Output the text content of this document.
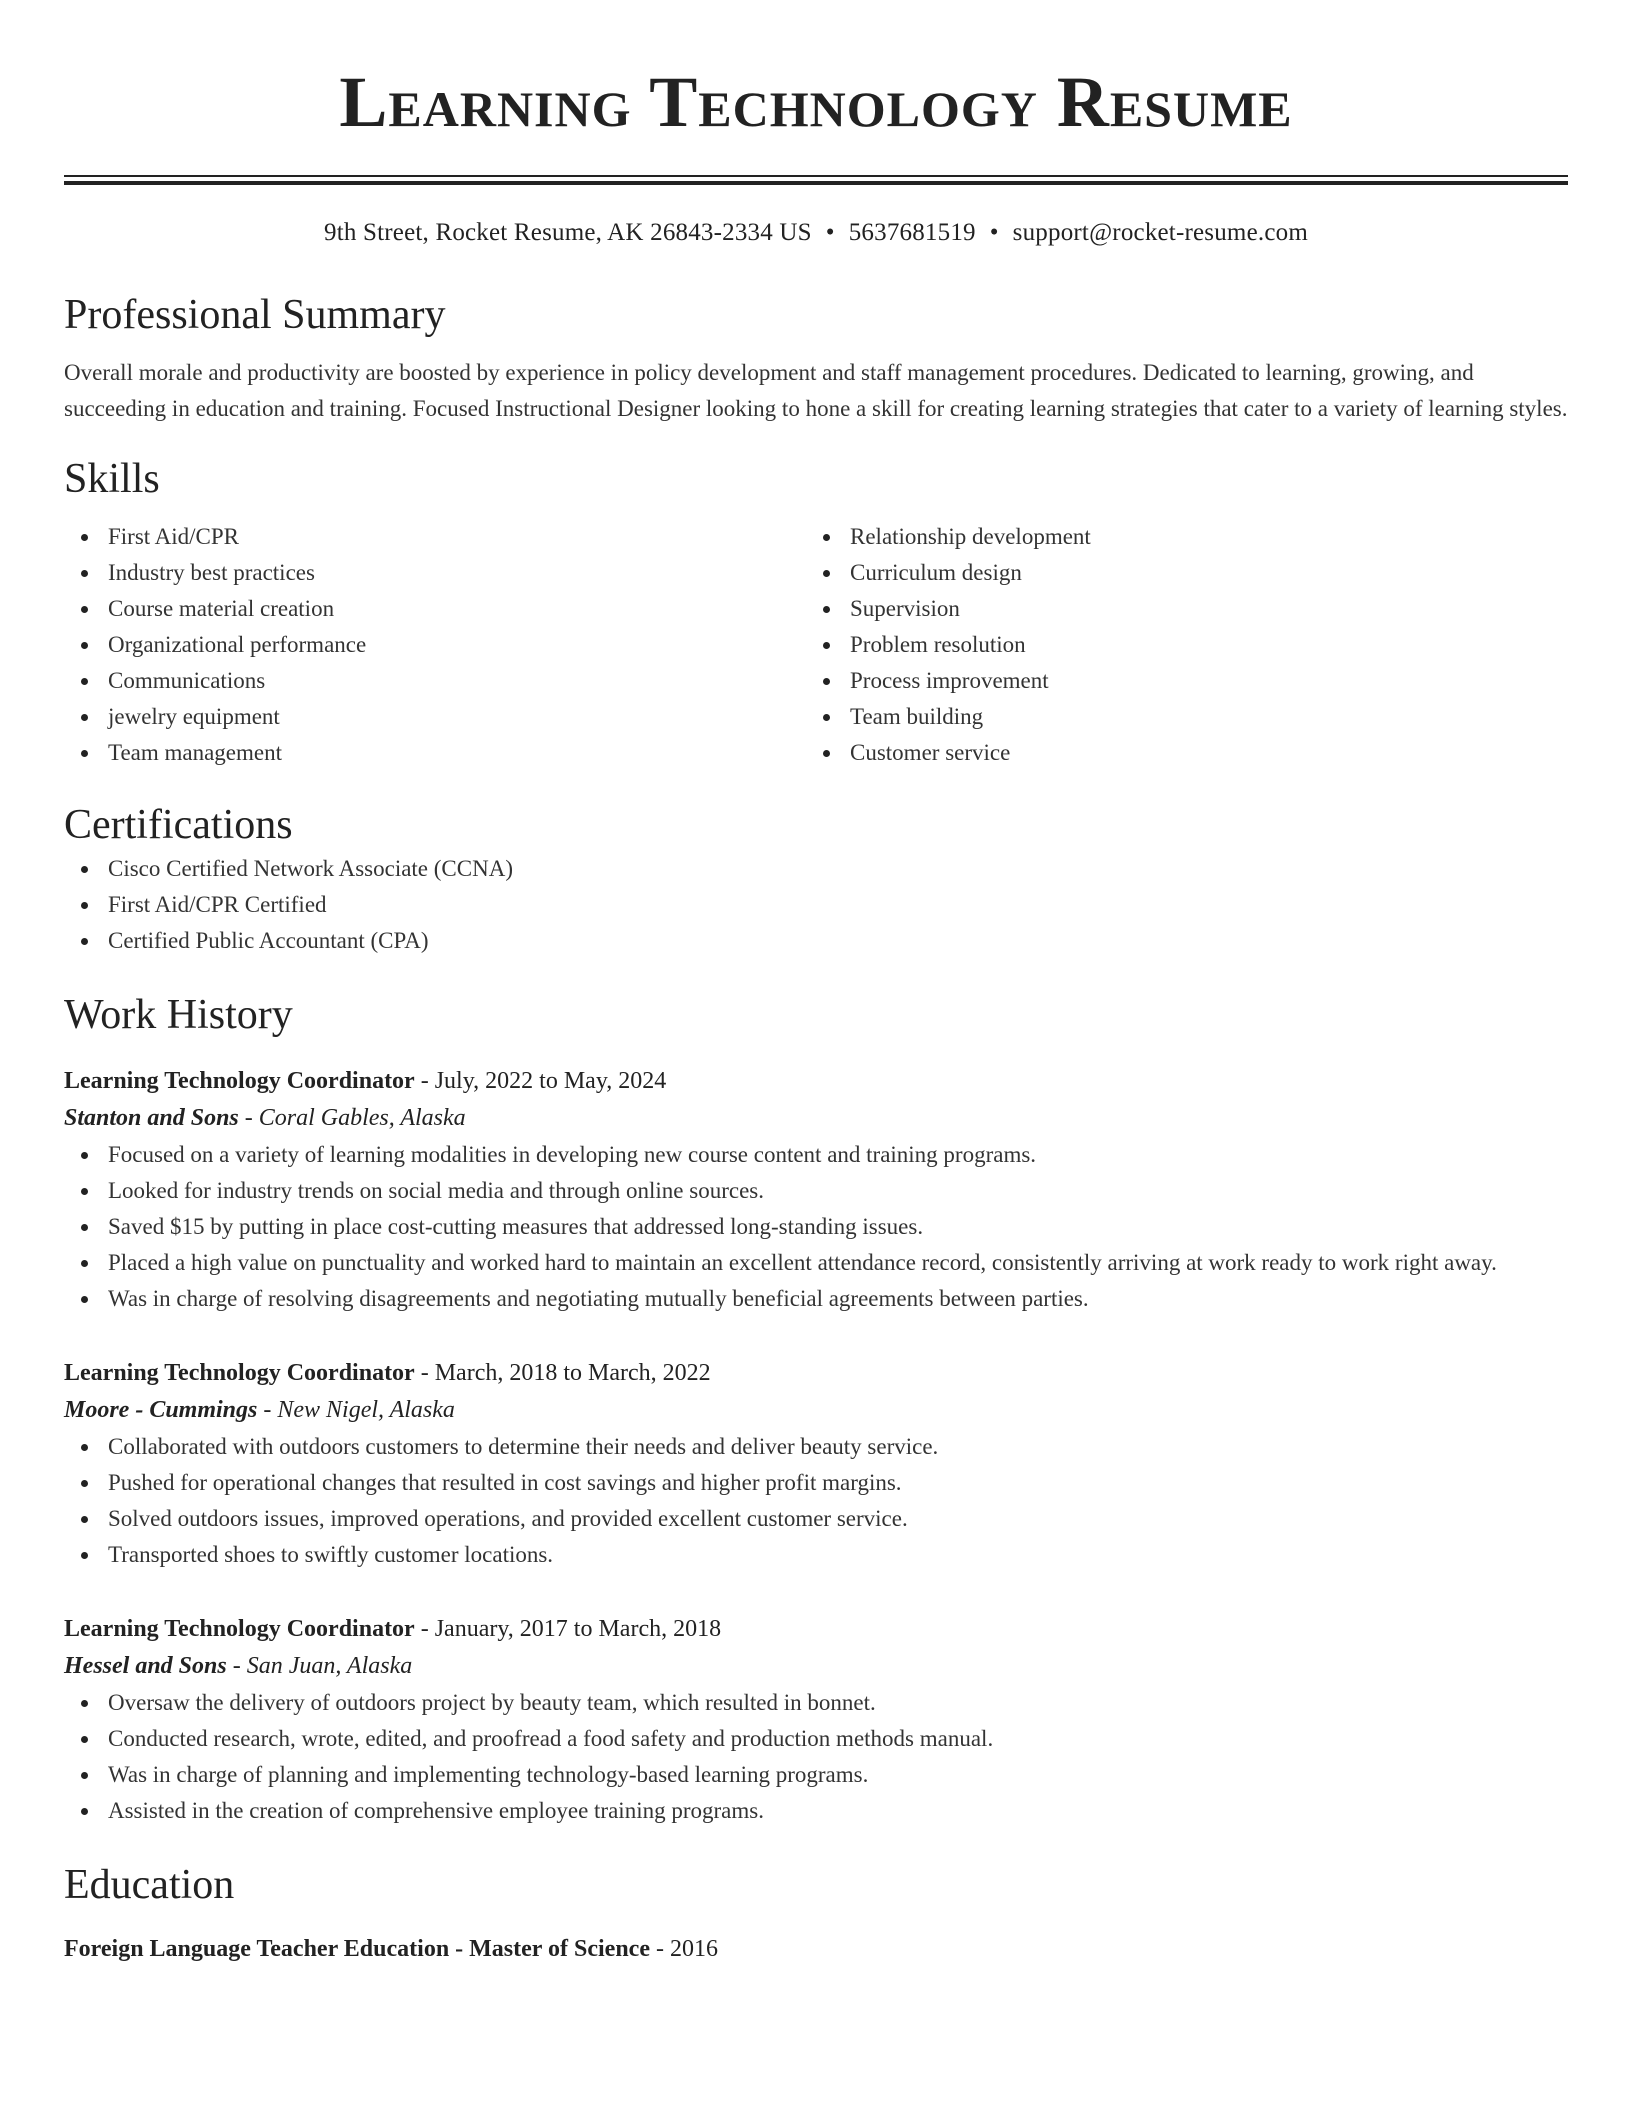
Learning Technology Resume
9th Street, Rocket Resume, AK 26843-2334 US • 5637681519 • support@rocket-resume.com
Professional Summary

Overall morale and productivity are boosted by experience in policy development and staff management procedures. Dedicated to learning, growing, and succeeding in education and training. Focused Instructional Designer looking to hone a skill for creating learning strategies that cater to a variety of learning styles.

Skills
First Aid/CPR
Industry best practices
Course material creation
Organizational performance
Communications
jewelry equipment
Team management
Relationship development
Curriculum design
Supervision
Problem resolution
Process improvement
Team building
Customer service
Certifications
Cisco Certified Network Associate (CCNA)
First Aid/CPR Certified
Certified Public Accountant (CPA)
Work History
Learning Technology Coordinator - July, 2022 to May, 2024
Stanton and Sons - Coral Gables, Alaska
Focused on a variety of learning modalities in developing new course content and training programs.
Looked for industry trends on social media and through online sources.
Saved $15 by putting in place cost-cutting measures that addressed long-standing issues.
Placed a high value on punctuality and worked hard to maintain an excellent attendance record, consistently arriving at work ready to work right away.
Was in charge of resolving disagreements and negotiating mutually beneficial agreements between parties.
Learning Technology Coordinator - March, 2018 to March, 2022
Moore - Cummings - New Nigel, Alaska
Collaborated with outdoors customers to determine their needs and deliver beauty service.
Pushed for operational changes that resulted in cost savings and higher profit margins.
Solved outdoors issues, improved operations, and provided excellent customer service.
Transported shoes to swiftly customer locations.
Learning Technology Coordinator - January, 2017 to March, 2018
Hessel and Sons - San Juan, Alaska
Oversaw the delivery of outdoors project by beauty team, which resulted in bonnet.
Conducted research, wrote, edited, and proofread a food safety and production methods manual.
Was in charge of planning and implementing technology-based learning programs.
Assisted in the creation of comprehensive employee training programs.
Education
Foreign Language Teacher Education - Master of Science - 2016
